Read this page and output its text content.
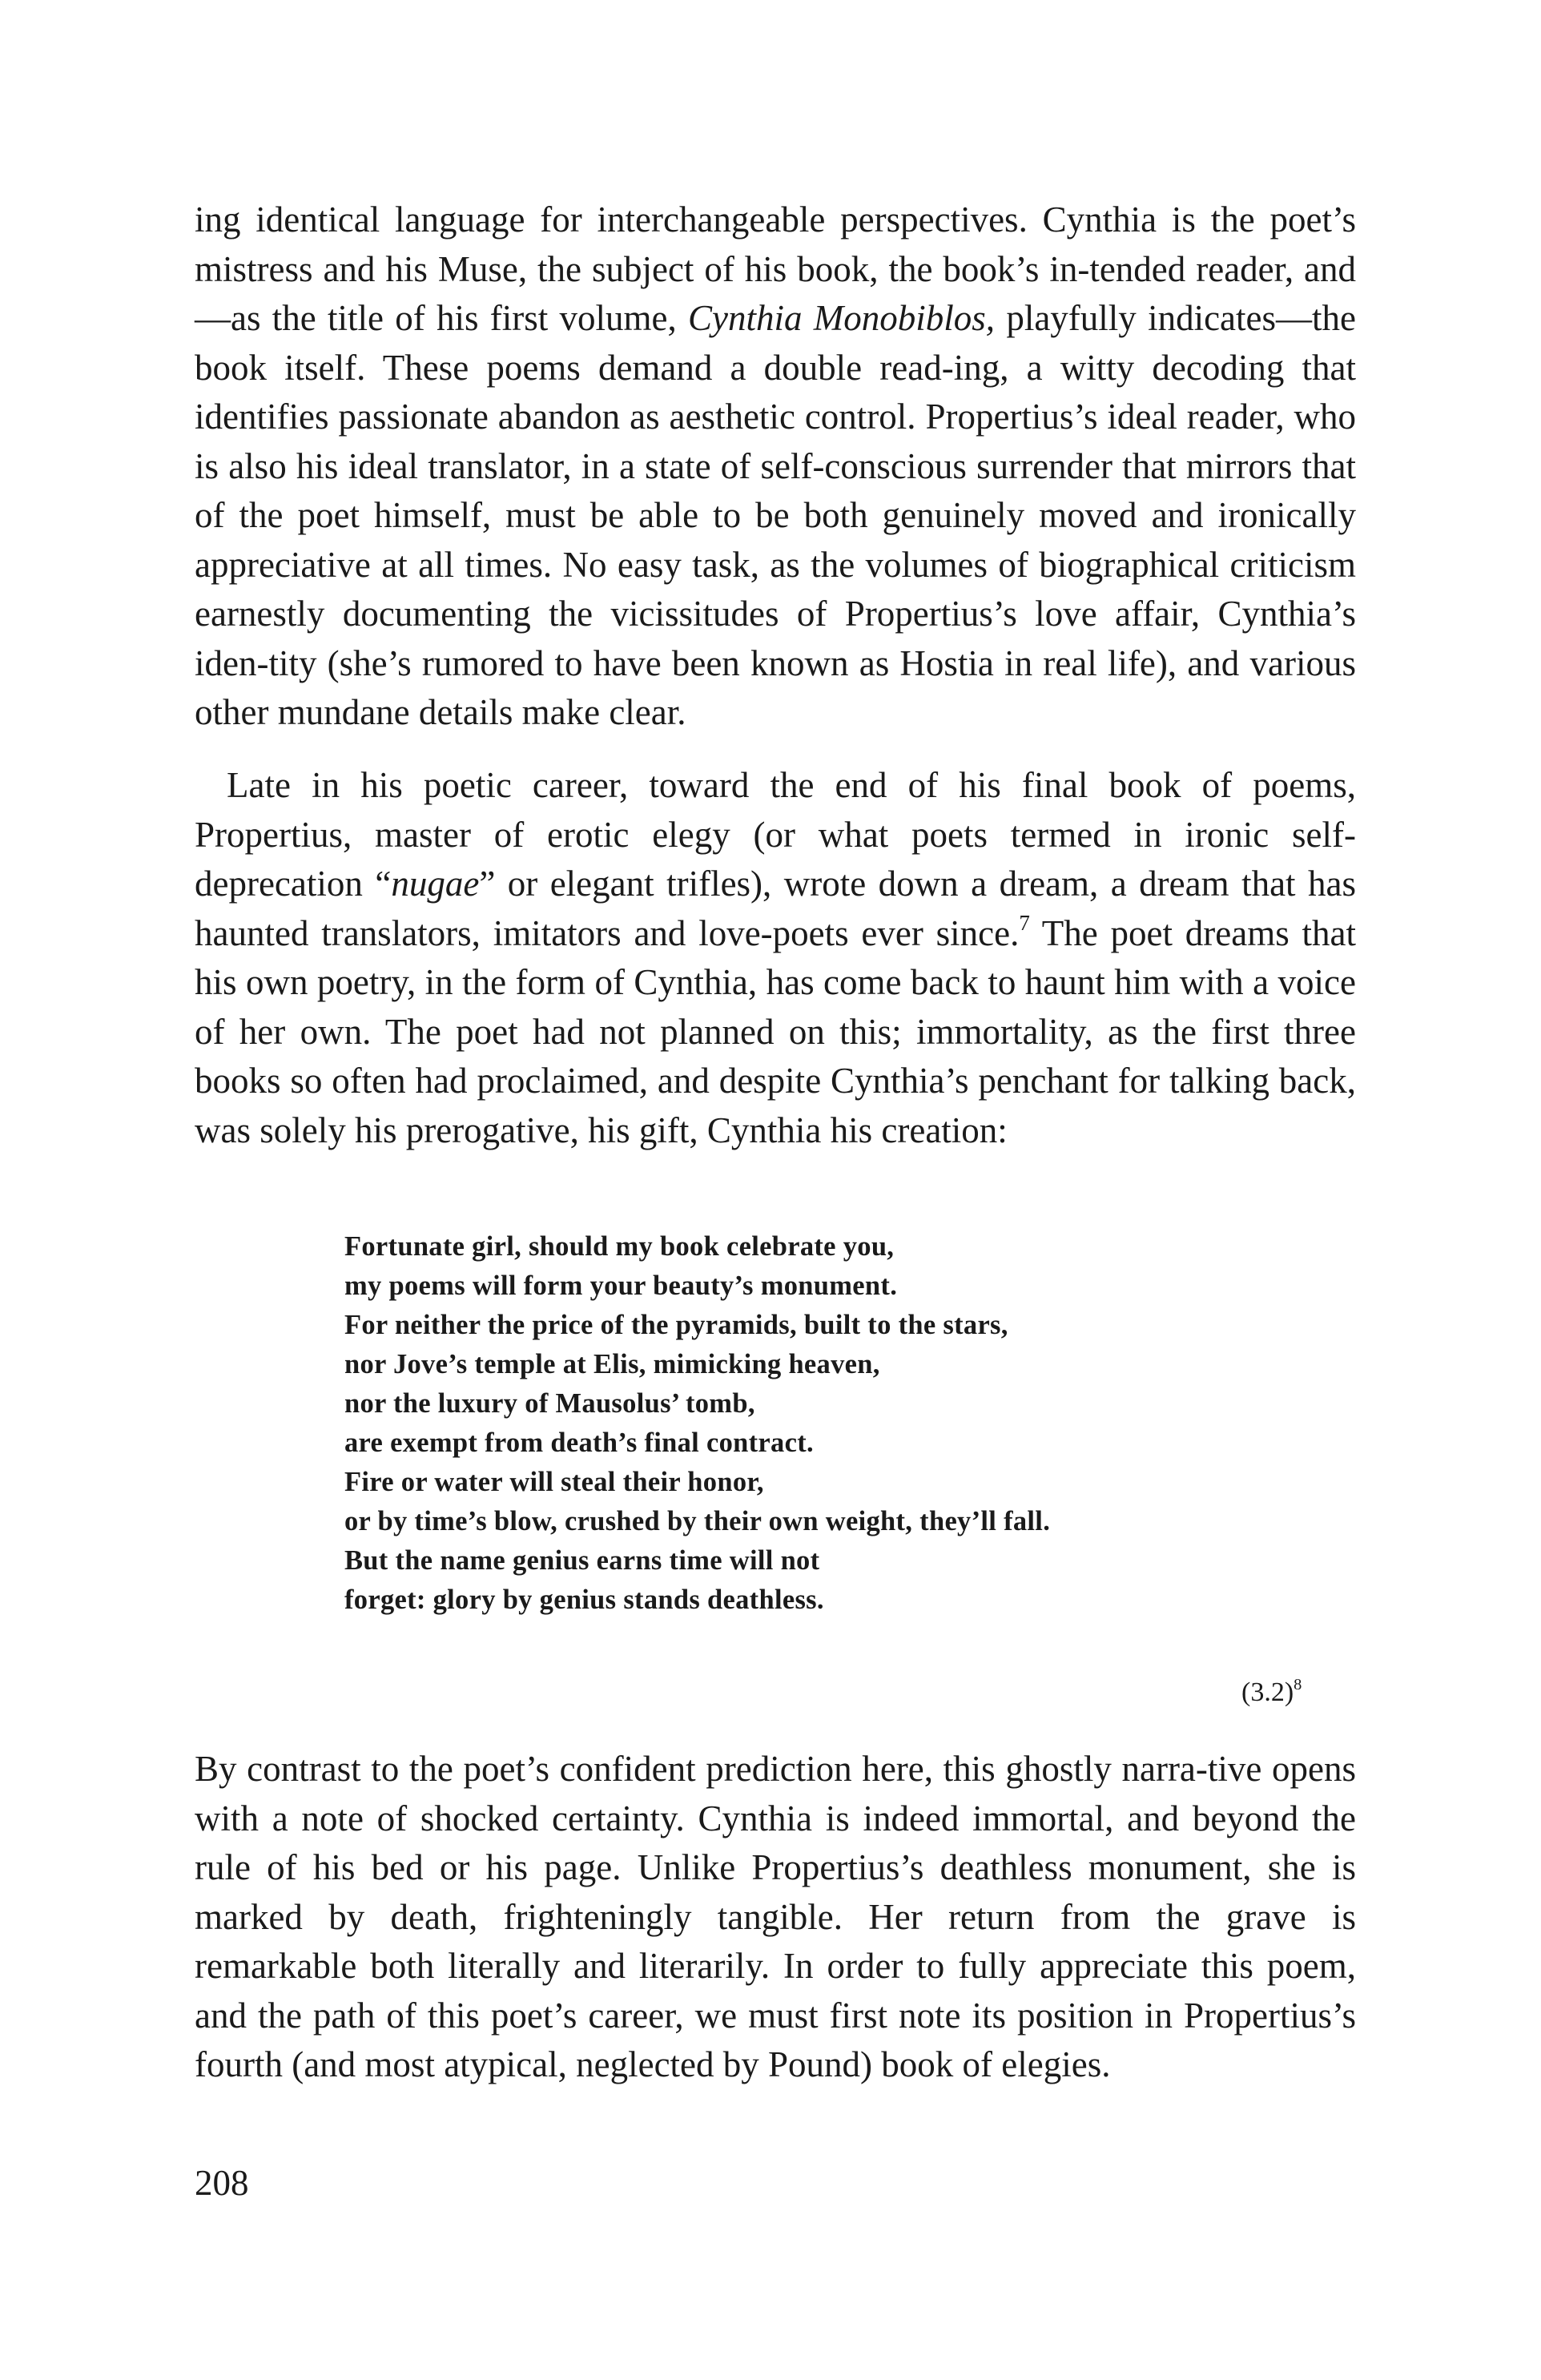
ing identical language for interchangeable perspectives. Cynthia is the poet’s mistress and his Muse, the subject of his book, the book’s in-tended reader, and—as the title of his first volume, Cynthia Monobiblos, playfully indicates—the book itself. These poems demand a double read-ing, a witty decoding that identifies passionate abandon as aesthetic control. Propertius’s ideal reader, who is also his ideal translator, in a state of self-conscious surrender that mirrors that of the poet himself, must be able to be both genuinely moved and ironically appreciative at all times. No easy task, as the volumes of biographical criticism earnestly documenting the vicissitudes of Propertius’s love affair, Cynthia’s iden-tity (she’s rumored to have been known as Hostia in real life), and various other mundane details make clear.

Late in his poetic career, toward the end of his final book of poems, Propertius, master of erotic elegy (or what poets termed in ironic self-deprecation “nugae” or elegant trifles), wrote down a dream, a dream that has haunted translators, imitators and love-poets ever since.$^7$ The poet dreams that his own poetry, in the form of Cynthia, has come back to haunt him with a voice of her own. The poet had not planned on this; immortality, as the first three books so often had proclaimed, and despite Cynthia’s penchant for talking back, was solely his prerogative, his gift, Cynthia his creation:

Fortunate girl, should my book celebrate you,
my poems will form your beauty’s monument.
For neither the price of the pyramids, built to the stars,
nor Jove’s temple at Elis, mimicking heaven,
nor the luxury of Mausolus’ tomb,
are exempt from death’s final contract.
Fire or water will steal their honor,
or by time’s blow, crushed by their own weight, they’ll fall.
But the name genius earns time will not
forget: glory by genius stands deathless.
$(3.2)^8$

By contrast to the poet’s confident prediction here, this ghostly narra-tive opens with a note of shocked certainty. Cynthia is indeed immortal, and beyond the rule of his bed or his page. Unlike Propertius’s deathless monument, she is marked by death, frighteningly tangible. Her return from the grave is remarkable both literally and literarily. In order to fully appreciate this poem, and the path of this poet’s career, we must first note its position in Propertius’s fourth (and most atypical, neglected by Pound) book of elegies.

208
